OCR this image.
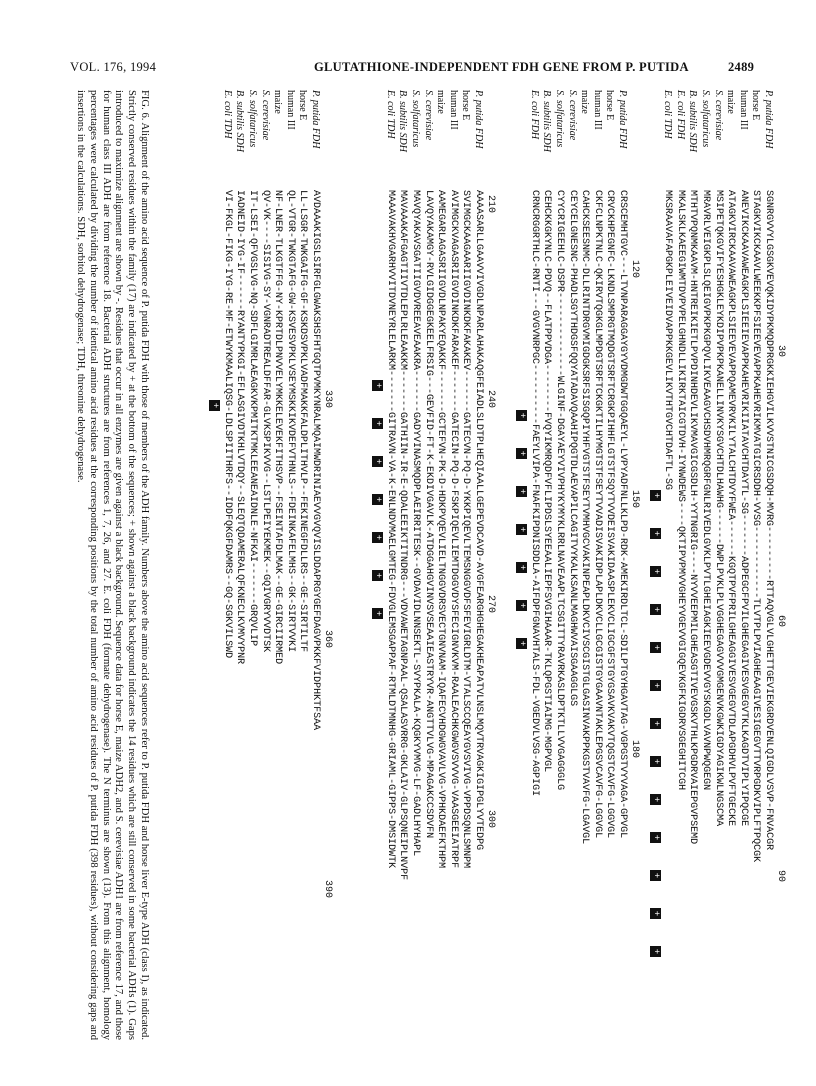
VOL. 176, 1994	GLUTATHIONE-INDEPENDENT FDH GENE FROM P. PUTIDA	2489
30
60
90
P. putida FDH
SGNRGVVYLGSGKVEVQKIDYPKMQDPRGKKIEHGVILKVVSTNICGSDQH-MVRG---------RTTAQVGLVLGHETTGEVIEKGRDVENLQIGDLVSVP-FNVACGR
horse E
STAGKVIKCKAAVLWEEKKPFSIEEVEVAPPKAHEVRIKMVATGICRSDDH-VVSG------------TLVTPLPVIAGHEAAGIVESIGEGVTTVRPGDKVIPLFTPQCGK
human III
ANEVIKCKAAVAWEAGKPLSIEEIEVAPPKAHEVRIKIIATAVCHTDAYTL-SG-------ADPEGCFPVILGHEGAGIVESVGEGVTKLKAGDTVIPLYIPQCGE
maize
ATAGKVIRCKAAVAWEAGKPLSIEEVEVAPPQAMEVRVKILYTALCHTDVYFWEA------KGQTPVFPRILGHEAGGIVESVGEGVTDLAPGDHVLPVFTGECKE
S. cerevisiae
MSIPETQKGVIFYESHGKLEYKDIPVPKPKANELLINVKYSGVCHTDLHAWHG------DWPLPVKLPLVGGHEGAGVVVGMGENVKGWKIGDYAGIKWLNGSCMA
S. solfataricus
MRAVRLVEIGKPLSLQEIGVPKPKGPQVLIKVEAAGVCHSDVHMRQGRFGNLRIVEDLGVKLPVTLGHEIAGKIEEVGDEVVGYSKGDLVAVNPWQGEGN
B. subtilis SDH
MTHTVPQNMKAAVM-HNTREIKIETLPVPDINHDEVLIKVMAVGICGSDLH-YYTNGRIG----NYVVEEPMILGHEASGTIVEVGSKVTHLKPGDRVAIEPGVPSEMD
E. coli FDH
MKALSKLKAEEGIWMTDVPVPELGHNDLLIKIRKTAICGTDVH-IYNWDEWS----QKTIPVPMVVGHEYVGEVVGIGQEVKGFKIGDRVSGEGHITCGH
E. coli TDH
MKSRAAVAFAPGKPLEIVEIDVAPPKKGEVLIKVTHTGVCHTDAFTL-SG
+
+
+
+
+
+
+
+
+
+
+
+
+
120
150
180
P. putida FDH
CRSCEMHTGVC---LTVNPARAGGAYGYVDMGDWTGGQAEYL-LVPYADFNLLKLPD-RDK-AMEKIRDLTCL-SDILPTGYHGAVTAG-VGPGSTVYVAGA-GPVGL
horse E
CRVCKHPEGNFC-LKNDLSMPRGTMQDGTSRFTCRGKPIHHFLGTSTFSQYTVVDEISVAKIDAASPLEKVCLIGCGFSTGYGSAVKVAKVTQGSTCAVFG-LGGVGL
human III
CKFCLNPKTNLC-QKIRVTQGKGLMPDGTSRFTCKGKTILHYMGTSTFSEYTVVADISVAKIDPLAPLDKVCLLGCGISTGYGAAVNTAKLEPGSVCAVFG-LGGVGL
maize
CAHCKSEESNMC-DLLRINTDRGVMIGDGKSRFSISGQPIYHFVGTSTFSEYTVMHVGCVAKINPEAPLDKVCIVSCGISTGLGASINVAKPPKGSTVAVFG-LGAVGL
S. cerevisiae
CEYCELGNESNC-PHADLSGYTHDGSFQQYATADAVQAAHIPQGTDLAEVAPILCAGITVYKALKSANLMAGHWVAISGAAGGLGS
S. solfataricus
CYYCRIGEEHLC-DSPR--------------WLGINF-DGAYAEYVIVPHYKYMYKLRRLNAVEAAPLTCSGITTYRAVRKASLDPTKTLLVVGAGGGLG
B. subtilis SDH
CEHCKKGKYNLC-PDVQ--FLATPPVDGA--------FVQYIKMRQDFVFLIPDSLSYEEAALIEPFSVGIHAAAR-TKLQPGSTIAIMG-MGPVGL
E. coli FDH
CRNCRGGRTHLC-RNTI---GVGVNRPGC----------FAEYLVIPA-FNAFKIPDNISDDLA-AIFDPFGNAVHTALS-FDL-VGEDVLVSG-AGPIGI
+
+
+
+
+
+
+
210
240
270
300
P. putida FDH
AAAASARLLGAAVVIVGDLNPARLAHAKAQGFEIADLSLDTPLHEQIAALLGEPEVDCAVD-AVGFEARGHGHEGAKHEAPATVLNSLMQVTRVAGKIGIPGLYVTEDPG
horse E
SVIMGCKAAGAARIIGVDINKDKFAKAKEV-------GATECVN-PQ-D-YKKPIQEVLTEMSNGGVDFSFEVIGRLDTM-VTALSCCQEAYGVSVIVG-VPPDSQNLSMNPM
human III
AVIMGCKVAGASRIIGVDINKDKFARAKEF-------GATECIN-PQ-D-FSKPIQEVLIEMTDGGVDYSFECIGNVKVM-RAALEACHKGWGVSVVVG-VAASGEEIATRPF
maize
AAMEGARLAGASRIIGVDLNPAKYEQAKKF-------GCTEFVN-PK-D-HDKPVQEVLIELTNGGVDRSVECTGNVNAM-IQAFECVHDGWGVAVLVG-VPHKDAEFKTHPM
S. cerevisiae
LAVQYAKAMGY-RVLGIDGGEGKEELFRSIG---GEVFID-FT-K-EKDIVGAVLK-ATDGGAHGVINVSVSEAAIEASTRYVR-ANGTTVLVG-MPAGAKCCSDVFN
S. solfataricus
MAVQYAKAVSGATIIGVDVREEAVEAAKRA-------GADYVINASMQDPLAEIRRITESK--GVDAVIDLNNSEKTL-SVYPKALA-KQGKYVMVG-LF-GADLHYHAPL
B. subtilis SDH
MAVAAAKAFGAGTIIVTDLEPLRLEAAKKM-------GATHIIN-IR-E-QDALEEIKTITNDRG---VDVAWETAGNPAAL-QSALASVRRG-GKLAIV-GLPSQNEIPLNVPF
E. coli TDH
MAAAVAKHVGARHVVITDVNEYRLELARKM-------GITRAVN-VA-K-ENLNDVMAELGMTEG-FDVGLEMSGAPPAF-RTMLDTMNHG-GRIAML-GIPPS-DMSIDWTK
+
+
+
+
+
+
+
330
360
390
P. putida FDH
AVDAAAKIGSLSIRFGLGWAKSHSFHTGQTPVMKYNRALMQAIMWDRINIAEVVGVQVISLDDAPRGYGEFDAGVPKKFVIDPHKTFSAA
horse E
LL-LSGR-TWKGAIFG-GF-KSKDSVPKLVADFMAKKFALDPLITHVLP--FEKINEGFDLLRS--GE-SIRTILTF
human III
QL-VTGR-TWKGTAFG-GW-KSVESVPKLVSEYMSKKIKVDEFVTHNLS--FDEINKAFELMHS--GK-SIRTVVKI
maize
NF-LNER-TLKGTFFG-NY-KPRTDLPNVVELYMKKELEVEKFITHSVP--FSEINTAFDLMAK--GE-GIRCIIRMED
S. cerevisiae
QV-VK----SISIVG-SY-VGNRADTREALDFFAR-GLVKSPIKVVG--LSTLPEIYEKMEK--GQIVGRYVVDTSK
S. solfataricus
IT-LSEI-QFVGSLVG-NQ-SDFLGIMRLAEAGKVKPMITKTMKLEEANEAIDNLE-NFKAI-------GRQVLIP
B. subtilis SDH
IADNEID-IYG-IF------RYANTYPKGI-EFLASGIVDTKHLVTDQY--SLEQTQDAMERALQFKNECLKVMVYPNR
E. coli TDH
VI-FKGL-FIKG-IYG-RE-MF-ETWYKMAALIQSG-LDLSPIITHRFS--IDDFQKGFDAMRS--GQ-SGKVILSWD
+
FIG. 6. Alignment of the amino acid sequence of P. putida FDH with those of members of the ADH family. Numbers above the amino acid sequences refer to P. putida FDH and horse liver E-type ADH (class I), as indicated. Strictly conserved residues within the family (17) are indicated by + at the bottom of the sequences; + shown against a black background indicates the 14 residues which are still conserved in some bacterial ADHs (1). Gaps introduced to maximize alignment are shown by -. Residues that occur in all enzymes are given against a black background. Sequence data for horse E, maize ADH2, and S. cerevisiae ADH1 are from reference 17, and those for human class III ADH are from reference 18. Bacterial ADH structures are from references 1, 7, 26, and 27. E. coli FDH (formate dehydrogenase). The N terminus are shown (13). From this alignment, homology percentages were calculated by dividing the number of identical amino acid residues at the corresponding positions by the total number of amino acid residues of P. putida FDH (398 residues), without considering gaps and insertions in the calculations. SDH, sorbitol dehydrogenase; TDH, threonine dehydrogenase.
